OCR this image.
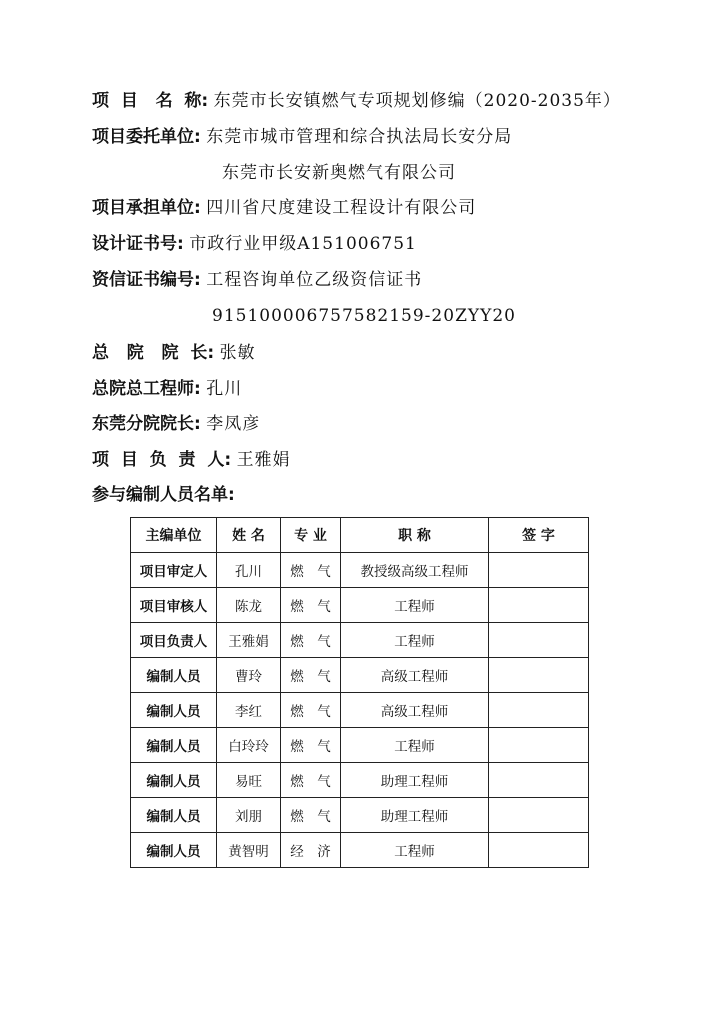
项  目   名  称: 东莞市长安镇燃气专项规划修编（2020-2035年）
项目委托单位: 东莞市城市管理和综合执法局长安分局
东莞市长安新奥燃气有限公司
项目承担单位: 四川省尺度建设工程设计有限公司
设计证书号: 市政行业甲级A151006751
资信证书编号: 工程咨询单位乙级资信证书
91510000675758215​9-20ZYY20
总   院   院  长: 张敏
总院总工程师: 孔川
东莞分院院长: 李凤彦
项  目  负  责  人: 王雅娟
参与编制人员名单:
主编单位	姓 名	专 业	职 称	签 字
项目审定人	孔川	燃　气	教授级高级工程师	
项目审核人	陈龙	燃　气	工程师	
项目负责人	王雅娟	燃　气	工程师	
编制人员	曹玲	燃　气	高级工程师	
编制人员	李红	燃　气	高级工程师	
编制人员	白玲玲	燃　气	工程师	
编制人员	易旺	燃　气	助理工程师	
编制人员	刘朋	燃　气	助理工程师	
编制人员	黄智明	经　济	工程师	
